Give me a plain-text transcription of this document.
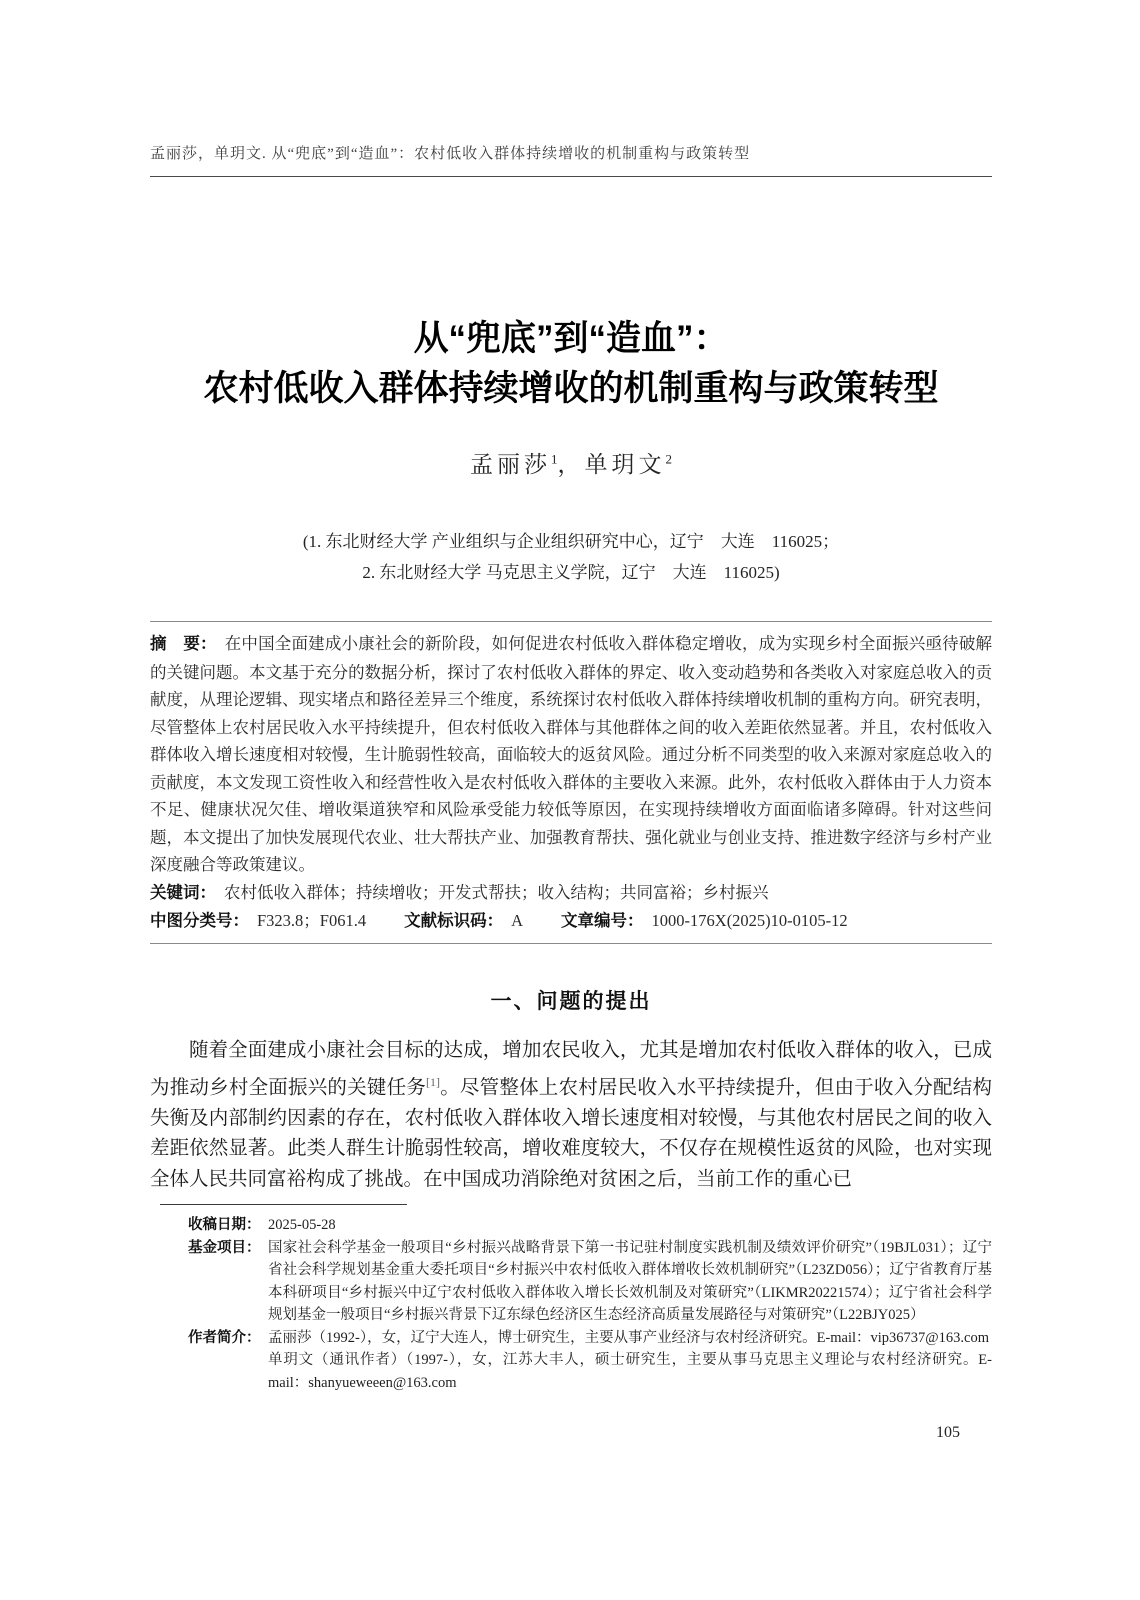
孟丽莎，单玥文. 从“兜底”到“造血”：农村低收入群体持续增收的机制重构与政策转型
从“兜底”到“造血”：
农村低收入群体持续增收的机制重构与政策转型
孟丽莎$^1$，单玥文$^2$
(1. 东北财经大学 产业组织与企业组织研究中心，辽宁　大连　116025；
2. 东北财经大学 马克思主义学院，辽宁　大连　116025)

摘　要： 在中国全面建成小康社会的新阶段，如何促进农村低收入群体稳定增收，成为实现乡村全面振兴亟待破解的关键问题。本文基于充分的数据分析，探讨了农村低收入群体的界定、收入变动趋势和各类收入对家庭总收入的贡献度，从理论逻辑、现实堵点和路径差异三个维度，系统探讨农村低收入群体持续增收机制的重构方向。研究表明，尽管整体上农村居民收入水平持续提升，但农村低收入群体与其他群体之间的收入差距依然显著。并且，农村低收入群体收入增长速度相对较慢，生计脆弱性较高，面临较大的返贫风险。通过分析不同类型的收入来源对家庭总收入的贡献度，本文发现工资性收入和经营性收入是农村低收入群体的主要收入来源。此外，农村低收入群体由于人力资本不足、健康状况欠佳、增收渠道狭窄和风险承受能力较低等原因，在实现持续增收方面面临诸多障碍。针对这些问题，本文提出了加快发展现代农业、壮大帮扶产业、加强教育帮扶、强化就业与创业支持、推进数字经济与乡村产业深度融合等政策建议。

关键词： 农村低收入群体；持续增收；开发式帮扶；收入结构；共同富裕；乡村振兴

中图分类号： F323.8；F061.4 文献标识码： A 文章编号： 1000-176X(2025)10-0105-12

一、问题的提出

随着全面建成小康社会目标的达成，增加农民收入，尤其是增加农村低收入群体的收入，已成为推动乡村全面振兴的关键任务[1]。尽管整体上农村居民收入水平持续提升，但由于收入分配结构失衡及内部制约因素的存在，农村低收入群体收入增长速度相对较慢，与其他农村居民之间的收入差距依然显著。此类人群生计脆弱性较高，增收难度较大，不仅存在规模性返贫的风险，也对实现全体人民共同富裕构成了挑战。在中国成功消除绝对贫困之后，当前工作的重心已

收稿日期： 2025-05-28
基金项目： 国家社会科学基金一般项目“乡村振兴战略背景下第一书记驻村制度实践机制及绩效评价研究”（19BJL031）；辽宁省社会科学规划基金重大委托项目“乡村振兴中农村低收入群体增收长效机制研究”（L23ZD056）；辽宁省教育厅基本科研项目“乡村振兴中辽宁农村低收入群体收入增长长效机制及对策研究”（LIKMR20221574）；辽宁省社会科学规划基金一般项目“乡村振兴背景下辽东绿色经济区生态经济高质量发展路径与对策研究”（L22BJY025）
作者简介： 孟丽莎（1992-），女，辽宁大连人，博士研究生，主要从事产业经济与农村经济研究。E-mail：vip36737@163.com
单玥文（通讯作者）（1997-），女，江苏大丰人，硕士研究生，主要从事马克思主义理论与农村经济研究。E-mail：shanyueweeen@163.com
105
